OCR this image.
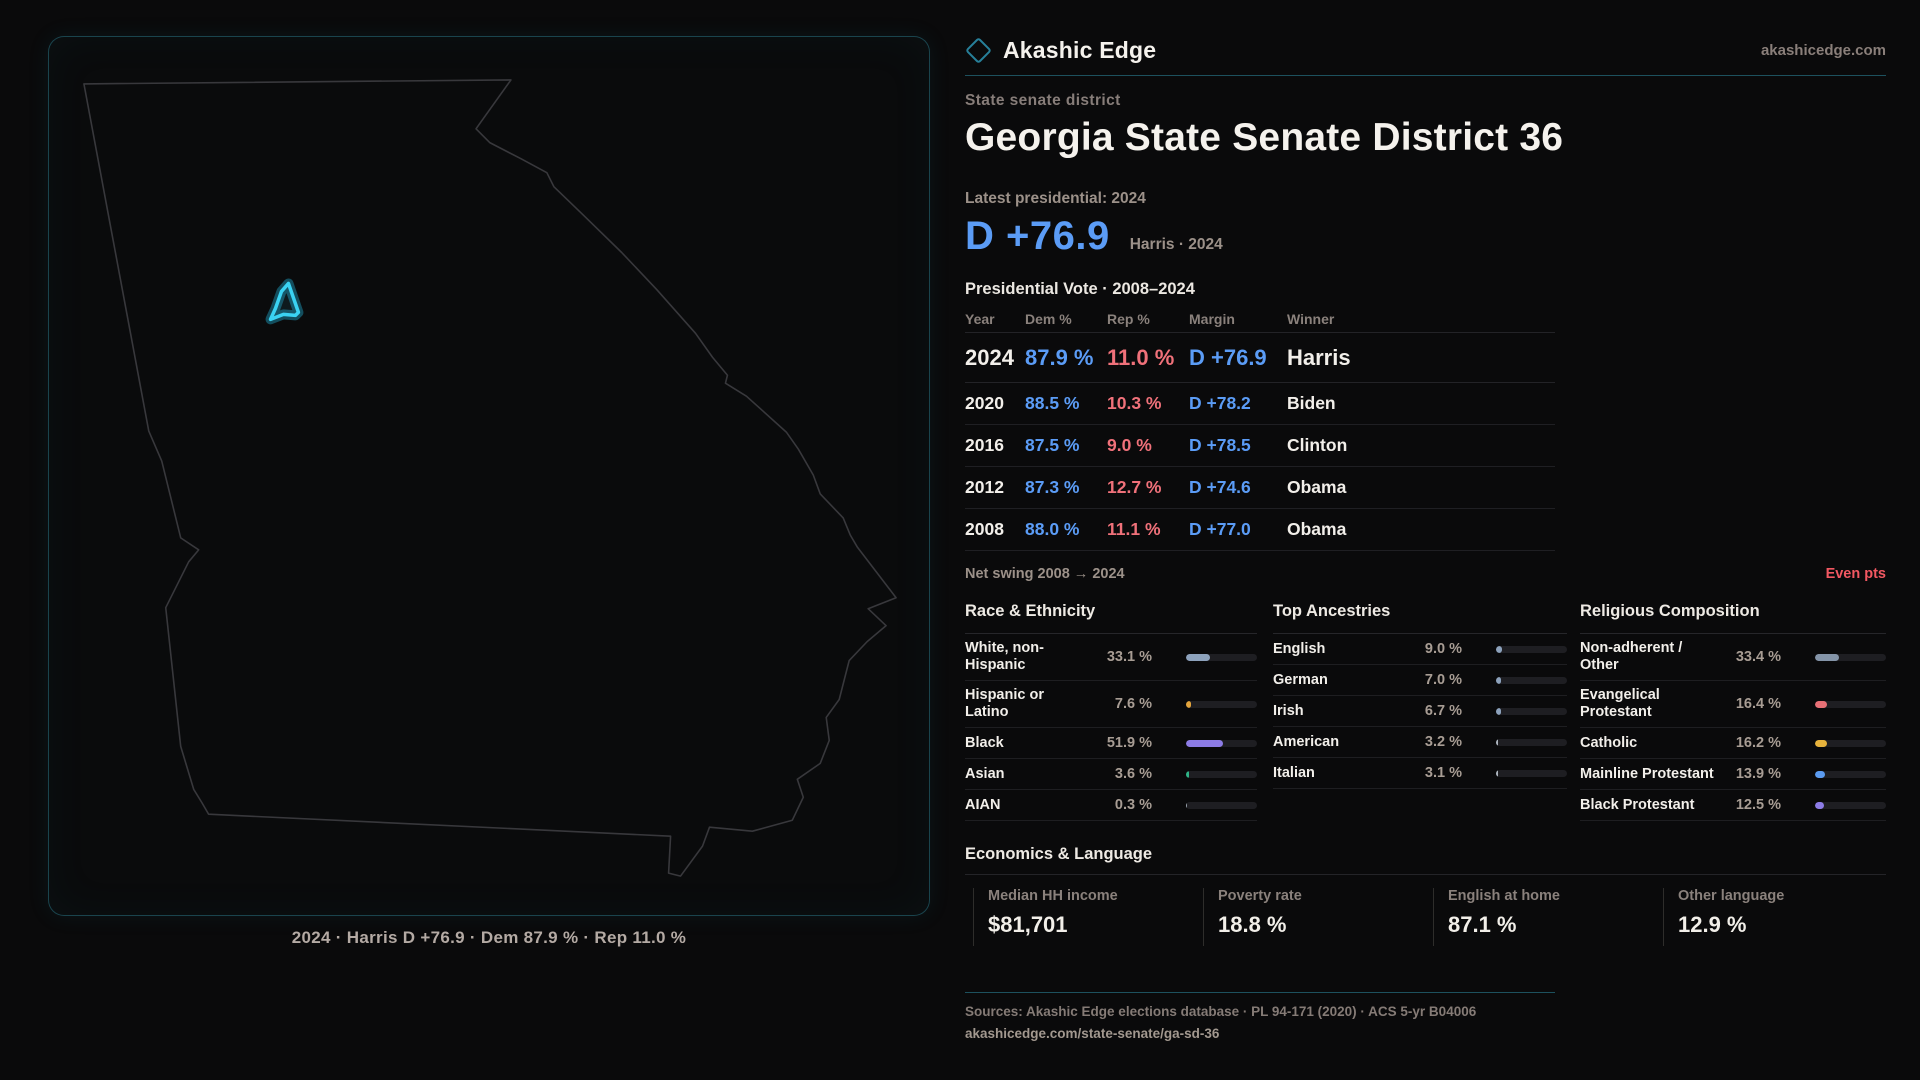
2024 · Harris D +76.9 · Dem 87.9 % · Rep 11.0 %
Akashic Edge	akashicedge.com
State senate district
Georgia State Senate District 36
Latest presidential: 2024
D +76.9 Harris · 2024
Presidential Vote · 2008–2024
Year	Dem %	Rep %	Margin	Winner
2024 87.9 % 11.0 % D +76.9 Harris
2020	88.5 %	10.3 %	D +78.2	Biden
2016	87.5 %	9.0 %	D +78.5	Clinton
2012	87.3 %	12.7 %	D +74.6	Obama
2008	88.0 %	11.1 %	D +77.0	Obama
Net swing 2008 → 2024	Even pts
Race & Ethnicity
White, non-Hispanic	33.1 %
Hispanic or Latino	7.6 %
Black	51.9 %
Asian	3.6 %
AIAN	0.3 %
Top Ancestries
English	9.0 %
German	7.0 %
Irish	6.7 %
American	3.2 %
Italian	3.1 %
Religious Composition
Non-adherent / Other	33.4 %
Evangelical Protestant	16.4 %
Catholic	16.2 %
Mainline Protestant	13.9 %
Black Protestant	12.5 %
Economics & Language
Median HH income
$81,701
Poverty rate
18.8 %
English at home
87.1 %
Other language
12.9 %
Sources: Akashic Edge elections database · PL 94-171 (2020) · ACS 5-yr B04006
akashicedge.com/state-senate/ga-sd-36
